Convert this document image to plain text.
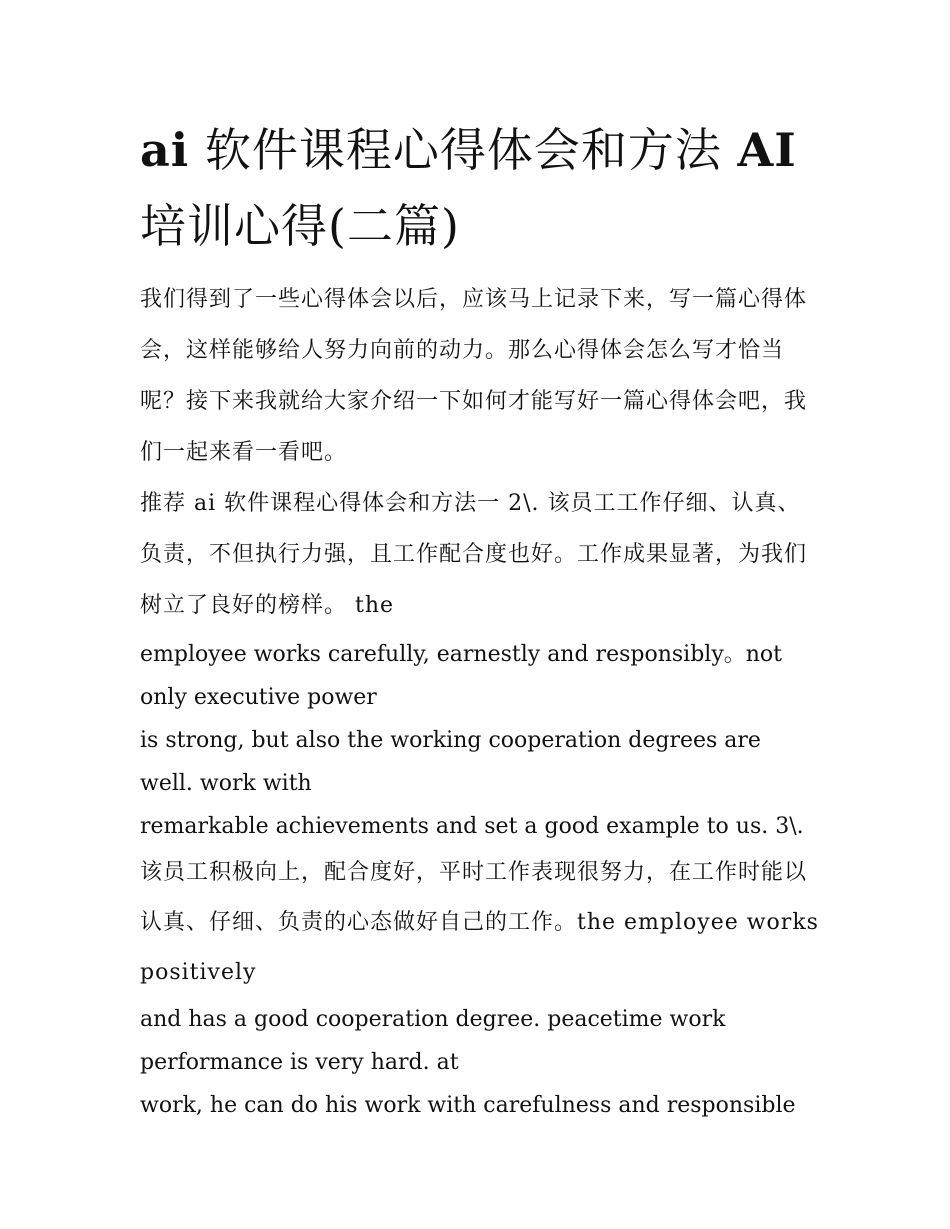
ai 软件课程心得体会和方法 AI 培训心得(二篇)

我们得到了一些心得体会以后，应该马上记录下来，写一篇心得体会，这样能够给人努力向前的动力。那么心得体会怎么写才恰当呢？接下来我就给大家介绍一下如何才能写好一篇心得体会吧，我们一起来看一看吧。

推荐 ai 软件课程心得体会和方法一 2\. 该员工工作仔细、认真、负责，不但执行力强，且工作配合度也好。工作成果显著，为我们树立了良好的榜样。 the

employee works carefully, earnestly and responsibly。not only executive power

is strong, but also the working cooperation degrees are well. work with

remarkable achievements and set a good example to us. 3\.

该员工积极向上，配合度好，平时工作表现很努力，在工作时能以认真、仔细、负责的心态做好自己的工作。the employee works positively

and has a good cooperation degree. peacetime work performance is very hard. at

work, he can do his work with carefulness and responsible
